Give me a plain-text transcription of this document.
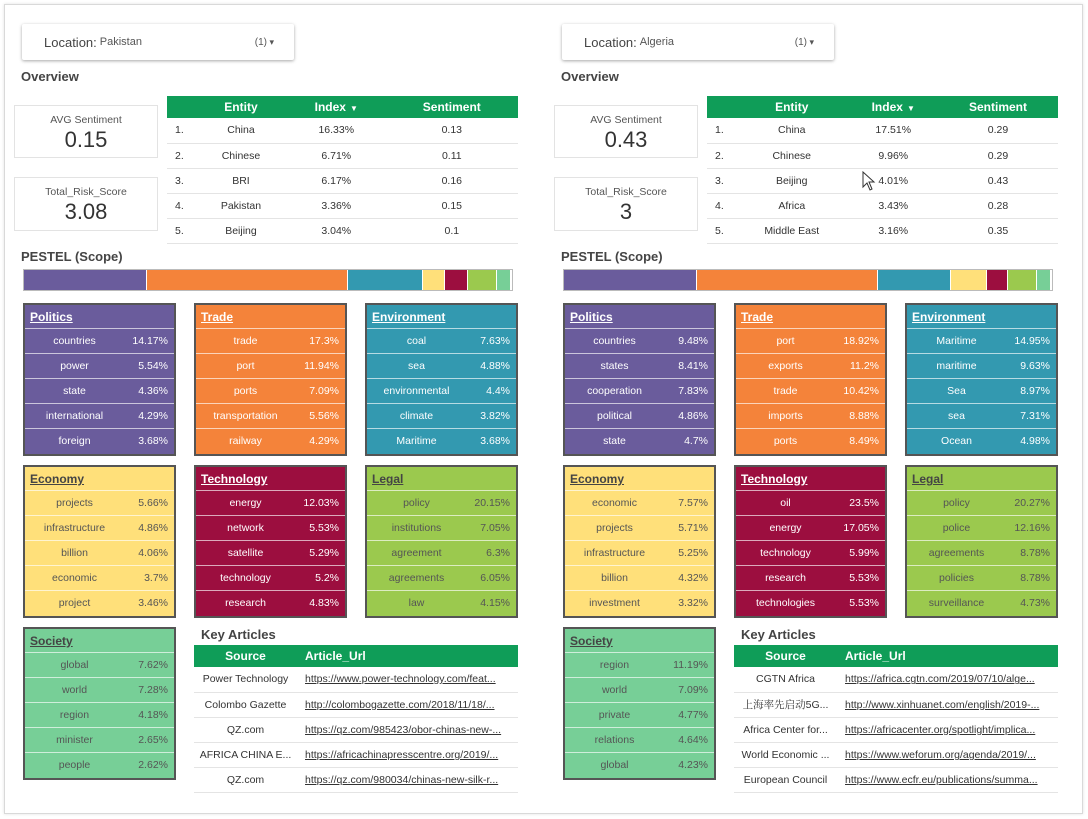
Location: Pakistan	(1) ▾
Overview
AVG Sentiment
0.15
Total_Risk_Score
3.08
	Entity	Index ▼	Sentiment
1.	China	16.33%	0.13
2.	Chinese	6.71%	0.11
3.	BRI	6.17%	0.16
4.	Pakistan	3.36%	0.15
5.	Beijing	3.04%	0.1
PESTEL (Scope)
Politics
countries	14.17%
power	5.54%
state	4.36%
international	4.29%
foreign	3.68%
Trade
trade	17.3%
port	11.94%
ports	7.09%
transportation	5.56%
railway	4.29%
Environment
coal	7.63%
sea	4.88%
environmental	4.4%
climate	3.82%
Maritime	3.68%
Economy
projects	5.66%
infrastructure	4.86%
billion	4.06%
economic	3.7%
project	3.46%
Technology
energy	12.03%
network	5.53%
satellite	5.29%
technology	5.2%
research	4.83%
Legal
policy	20.15%
institutions	7.05%
agreement	6.3%
agreements	6.05%
law	4.15%
Society
global	7.62%
world	7.28%
region	4.18%
minister	2.65%
people	2.62%
Key Articles
Source	Article_Url
Power Technology	https://www.power-technology.com/feat...
Colombo Gazette	http://colombogazette.com/2018/11/18/...
QZ.com	https://qz.com/985423/obor-chinas-new-...
AFRICA CHINA E...	https://africachinapresscentre.org/2019/...
QZ.com	https://qz.com/980034/chinas-new-silk-r...
Location: Algeria	(1) ▾
Overview
AVG Sentiment
0.43
Total_Risk_Score
3
	Entity	Index ▼	Sentiment
1.	China	17.51%	0.29
2.	Chinese	9.96%	0.29
3.	Beijing	4.01%	0.43
4.	Africa	3.43%	0.28
5.	Middle East	3.16%	0.35
PESTEL (Scope)
Politics
countries	9.48%
states	8.41%
cooperation	7.83%
political	4.86%
state	4.7%
Trade
port	18.92%
exports	11.2%
trade	10.42%
imports	8.88%
ports	8.49%
Environment
Maritime	14.95%
maritime	9.63%
Sea	8.97%
sea	7.31%
Ocean	4.98%
Economy
economic	7.57%
projects	5.71%
infrastructure	5.25%
billion	4.32%
investment	3.32%
Technology
oil	23.5%
energy	17.05%
technology	5.99%
research	5.53%
technologies	5.53%
Legal
policy	20.27%
police	12.16%
agreements	8.78%
policies	8.78%
surveillance	4.73%
Society
region	11.19%
world	7.09%
private	4.77%
relations	4.64%
global	4.23%
Key Articles
Source	Article_Url
CGTN Africa	https://africa.cgtn.com/2019/07/10/alge...
上海率先启动5G...	http://www.xinhuanet.com/english/2019-...
Africa Center for...	https://africacenter.org/spotlight/implica...
World Economic ...	https://www.weforum.org/agenda/2019/...
European Council	https://www.ecfr.eu/publications/summa...
